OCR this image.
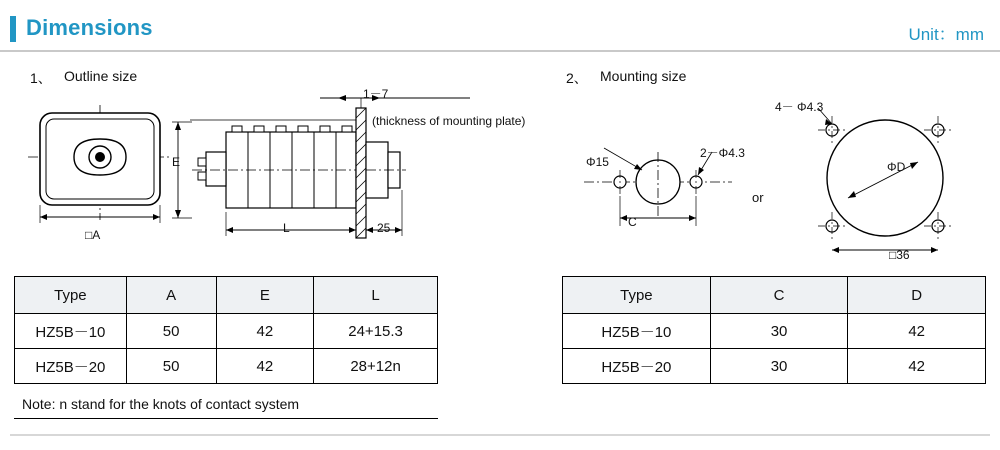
Dimensions	Unit：mm
1、 Outline size	2、 Mounting size
□A
1－7
(thickness of mounting plate)
E
L	25
Φ15
2－Φ4.3
C
or
4－ Φ4.3
ΦD
□36
Type	A	E	L
HZ5B－10	50	42	24+15.3
HZ5B－20	50	42	28+12n
Note: n stand for the knots of contact system
Type	C	D
HZ5B－10	30	42
HZ5B－20	30	42
